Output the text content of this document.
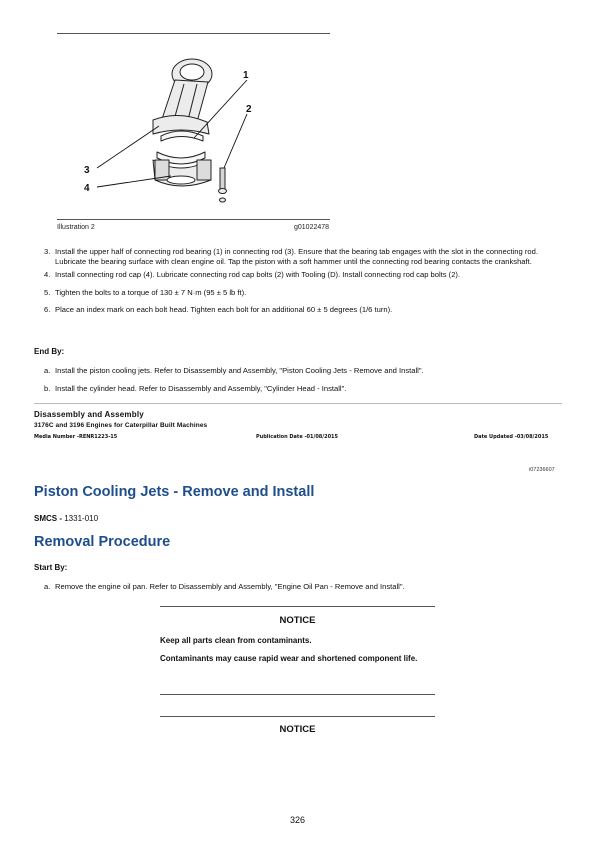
1
2
3
4
Illustration 2	g01022478
3. Install the upper half of connecting rod bearing (1) in connecting rod (3). Ensure that the bearing tab engages with the slot in the connecting rod. Lubricate the bearing surface with clean engine oil. Tap the piston with a soft hammer until the connecting rod bearing contacts the crankshaft.
4. Install connecting rod cap (4). Lubricate connecting rod cap bolts (2) with Tooling (D). Install connecting rod cap bolts (2).
5. Tighten the bolts to a torque of 130 ± 7 N·m (95 ± 5 lb ft).
6. Place an index mark on each bolt head. Tighten each bolt for an additional 60 ± 5 degrees (1/6 turn).
End By:
a. Install the piston cooling jets. Refer to Disassembly and Assembly, "Piston Cooling Jets - Remove and Install".
b. Install the cylinder head. Refer to Disassembly and Assembly, "Cylinder Head - Install".
Disassembly and Assembly
3176C and 3196 Engines for Caterpillar Built Machines
Media Number -RENR1223-15	Publication Date -01/08/2015	Date Updated -03/08/2015
i07236607
Piston Cooling Jets - Remove and Install
SMCS - 1331-010
Removal Procedure
Start By:
a. Remove the engine oil pan. Refer to Disassembly and Assembly, "Engine Oil Pan - Remove and Install".
NOTICE
Keep all parts clean from contaminants.
Contaminants may cause rapid wear and shortened component life.
NOTICE
326
